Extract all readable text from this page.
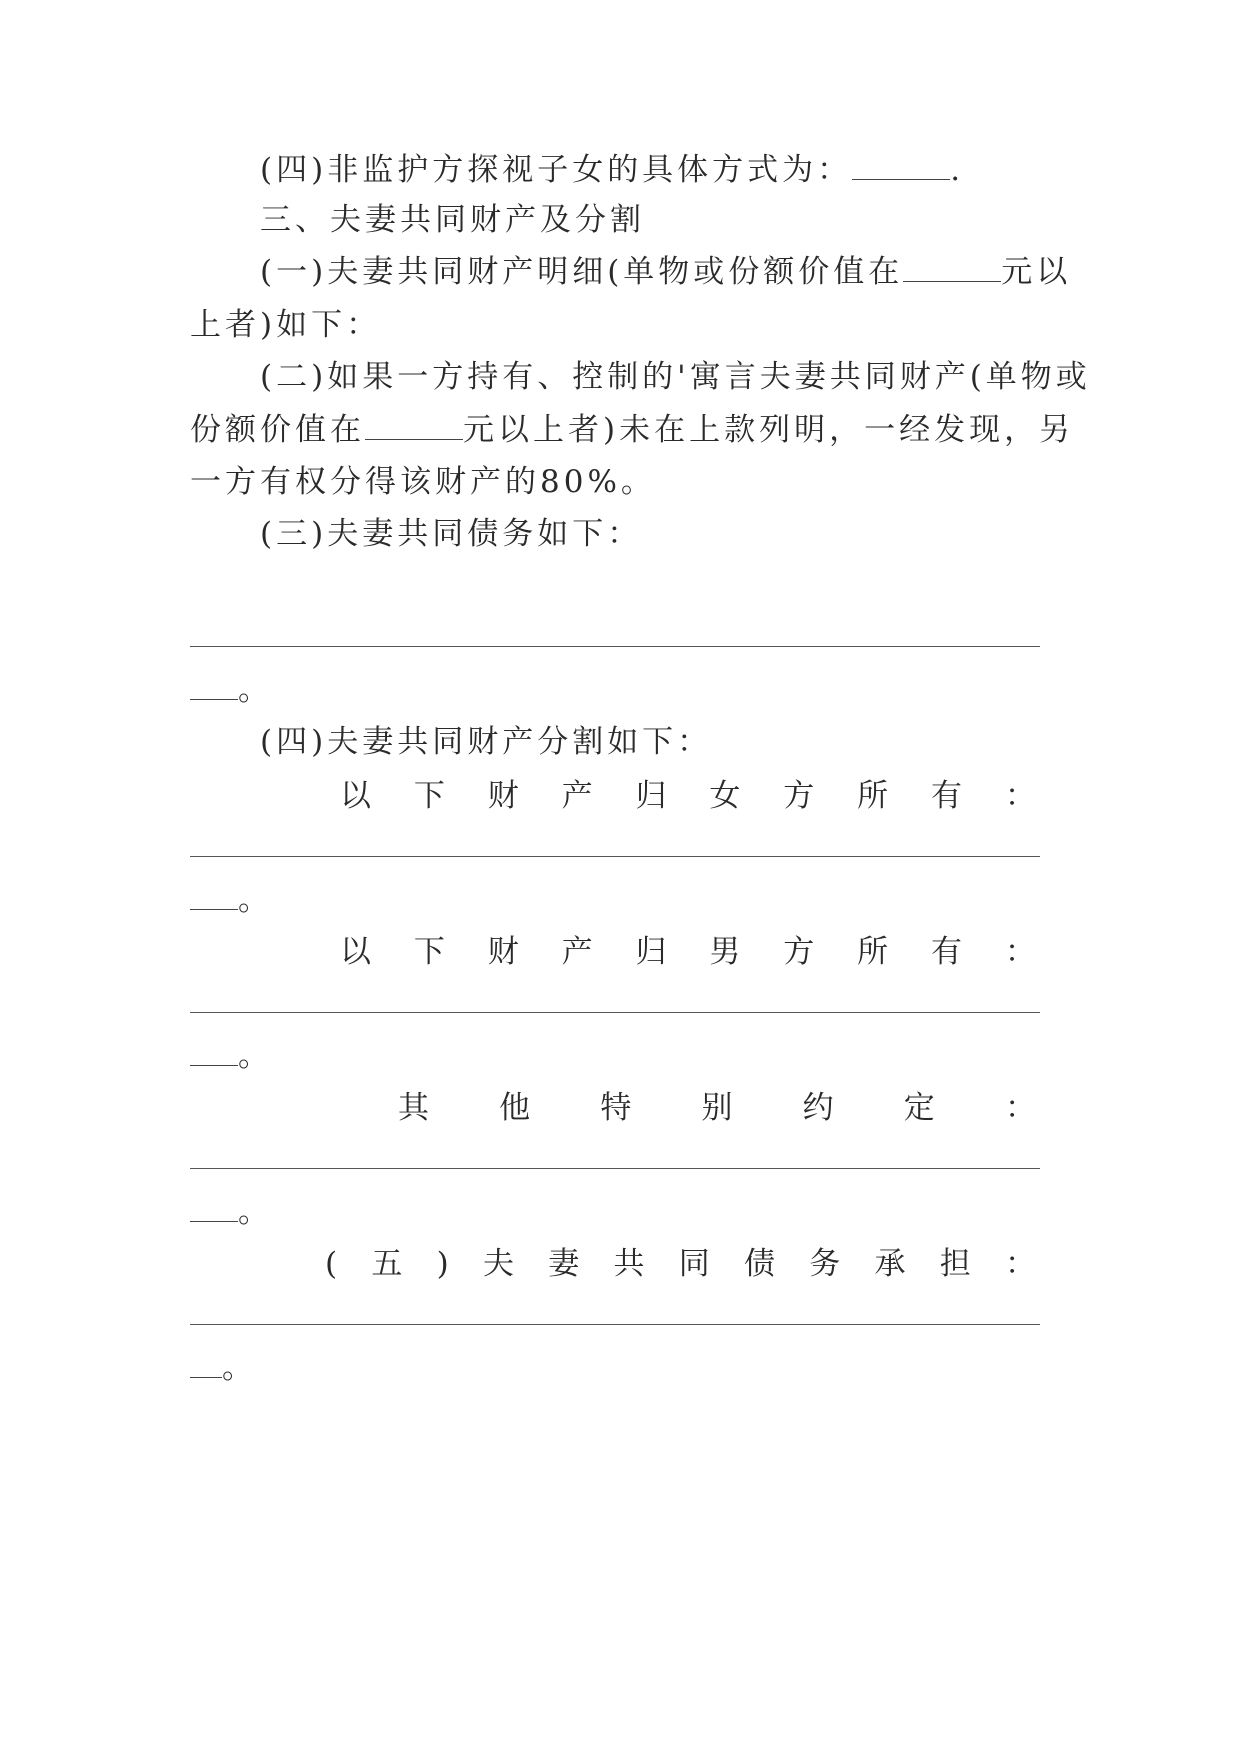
(四)非监护方探视子女的具体方式为：	.
三、夫妻共同财产及分割
(一)夫妻共同财产明细(单物或份额价值在	元以
上者)如下：
(二)如果一方持有、控制的'寓言夫妻共同财产(单物或
份额价值在	元以上者)未在上款列明，一经发现，另
一方有权分得该财产的80%。
(三)夫妻共同债务如下：
。
(四)夫妻共同财产分割如下：
以 下 财 产 归 女 方 所 有 ：
。
以 下 财 产 归 男 方 所 有 ：
。
其 他 特 别 约 定 ：
。
( 五 ) 夫 妻 共 同 债 务 承 担 ：
。
